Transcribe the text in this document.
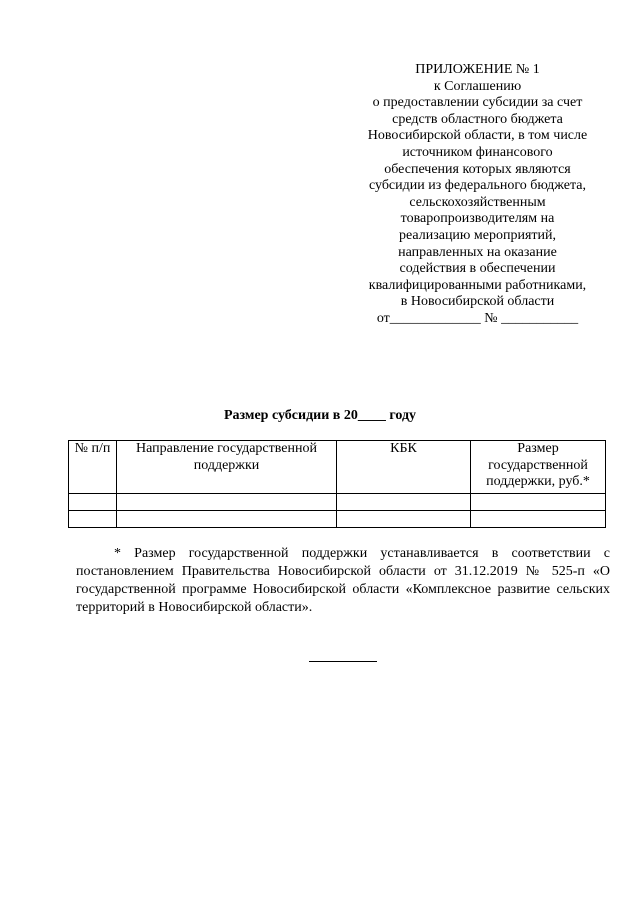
ПРИЛОЖЕНИЕ № 1
к Соглашению
о предоставлении субсидии за счет
средств областного бюджета
Новосибирской области, в том числе
источником финансового
обеспечения которых являются
субсидии из федерального бюджета,
сельскохозяйственным
товаропроизводителям на
реализацию мероприятий,
направленных на оказание
содействия в обеспечении
квалифицированными работниками,
в Новосибирской области
от_____________ № ___________
Размер субсидии в 20____ году
№ п/п	Направление государственной поддержки	КБК	Размер государственной поддержки, руб.*

* Размер государственной поддержки устанавливается в соответствии с постановлением Правительства Новосибирской области от 31.12.2019 № 525-п «О государственной программе Новосибирской области «Комплексное развитие сельских территорий в Новосибирской области».
